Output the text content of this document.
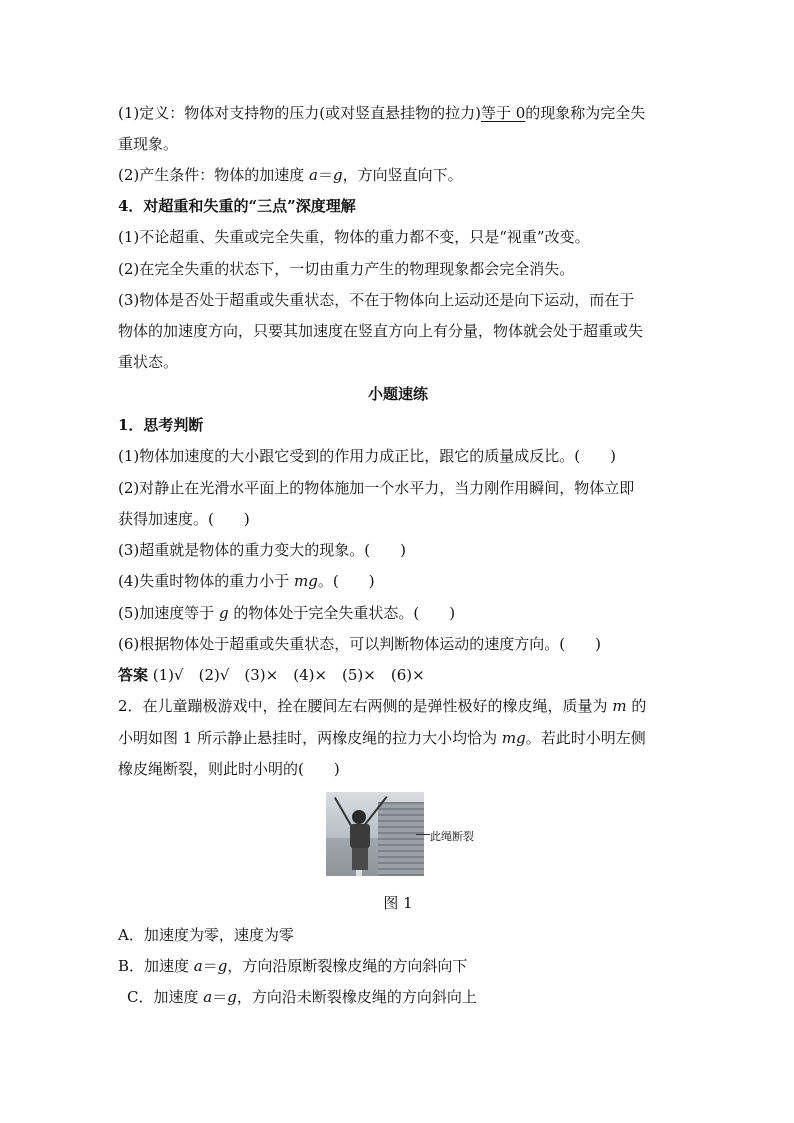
(1)定义：物体对支持物的压力(或对竖直悬挂物的拉力)等于 0的现象称为完全失
重现象。
(2)产生条件：物体的加速度 a＝g，方向竖直向下。
4．对超重和失重的“三点”深度理解
(1)不论超重、失重或完全失重，物体的重力都不变，只是“视重”改变。
(2)在完全失重的状态下，一切由重力产生的物理现象都会完全消失。
(3)物体是否处于超重或失重状态，不在于物体向上运动还是向下运动，而在于
物体的加速度方向，只要其加速度在竖直方向上有分量，物体就会处于超重或失
重状态。
小题速练
1．思考判断
(1)物体加速度的大小跟它受到的作用力成正比，跟它的质量成反比。(　　)
(2)对静止在光滑水平面上的物体施加一个水平力，当力刚作用瞬间，物体立即
获得加速度。(　　)
(3)超重就是物体的重力变大的现象。(　　)
(4)失重时物体的重力小于 mg。(　　)
(5)加速度等于 g 的物体处于完全失重状态。(　　)
(6)根据物体处于超重或失重状态，可以判断物体运动的速度方向。(　　)
答案 (1)√　(2)√　(3)×　(4)×　(5)×　(6)×
2．在儿童蹦极游戏中，拴在腰间左右两侧的是弹性极好的橡皮绳，质量为 m 的
小明如图 1 所示静止悬挂时，两橡皮绳的拉力大小均恰为 mg。若此时小明左侧
橡皮绳断裂，则此时小明的(　　)
此绳断裂
图 1
A．加速度为零，速度为零
B．加速度 a＝g，方向沿原断裂橡皮绳的方向斜向下
C．加速度 a＝g，方向沿未断裂橡皮绳的方向斜向上
